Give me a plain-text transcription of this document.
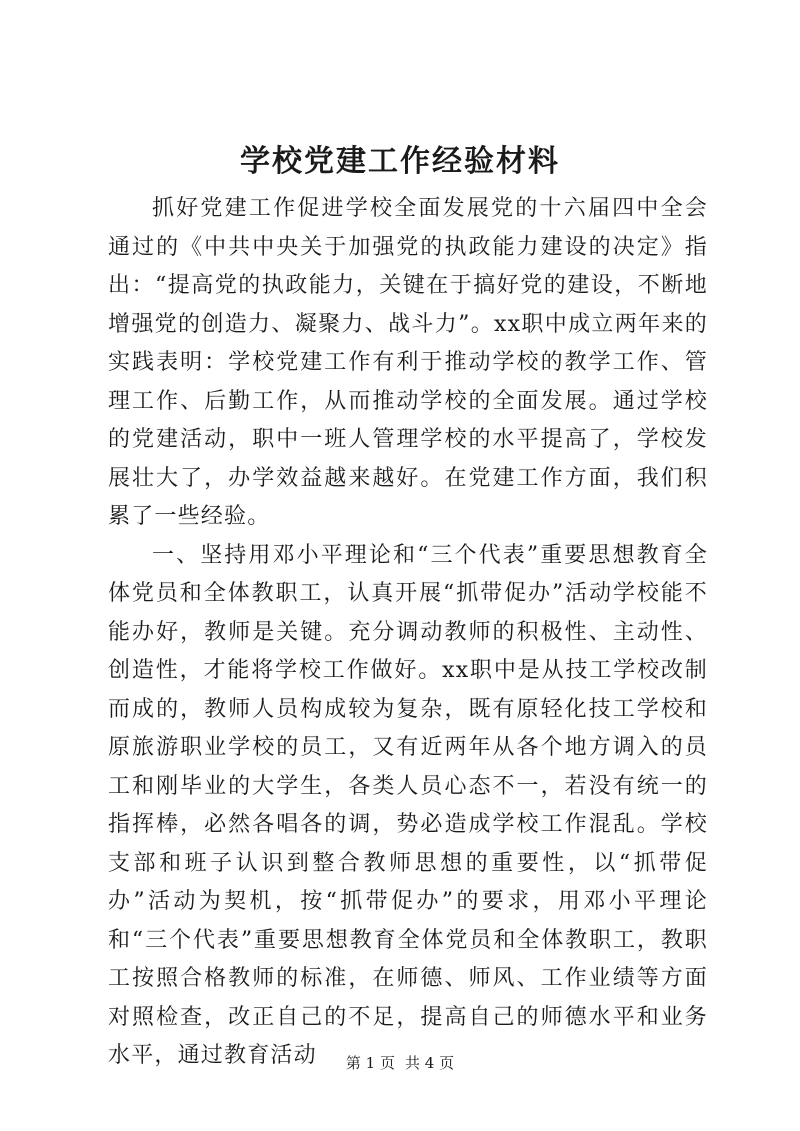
学校党建工作经验材料

抓好党建工作促进学校全面发展党的十六届四中全会通过的《中共中央关于加强党的执政能力建设的决定》指出：“提高党的执政能力，关键在于搞好党的建设，不断地增强党的创造力、凝聚力、战斗力”。xx职中成立两年来的实践表明：学校党建工作有利于推动学校的教学工作、管理工作、后勤工作，从而推动学校的全面发展。通过学校的党建活动，职中一班人管理学校的水平提高了，学校发展壮大了，办学效益越来越好。在党建工作方面，我们积累了一些经验。

一、坚持用邓小平理论和“三个代表”重要思想教育全体党员和全体教职工，认真开展“抓带促办”活动学校能不能办好，教师是关键。充分调动教师的积极性、主动性、创造性，才能将学校工作做好。xx职中是从技工学校改制而成的，教师人员构成较为复杂，既有原轻化技工学校和原旅游职业学校的员工，又有近两年从各个地方调入的员工和刚毕业的大学生，各类人员心态不一，若没有统一的指挥棒，必然各唱各的调，势必造成学校工作混乱。学校支部和班子认识到整合教师思想的重要性，以“抓带促办”活动为契机，按“抓带促办”的要求，用邓小平理论和“三个代表”重要思想教育全体党员和全体教职工，教职工按照合格教师的标准，在师德、师风、工作业绩等方面对照检查，改正自己的不足，提高自己的师德水平和业务水平，通过教育活动	第 1 页 共 4 页
